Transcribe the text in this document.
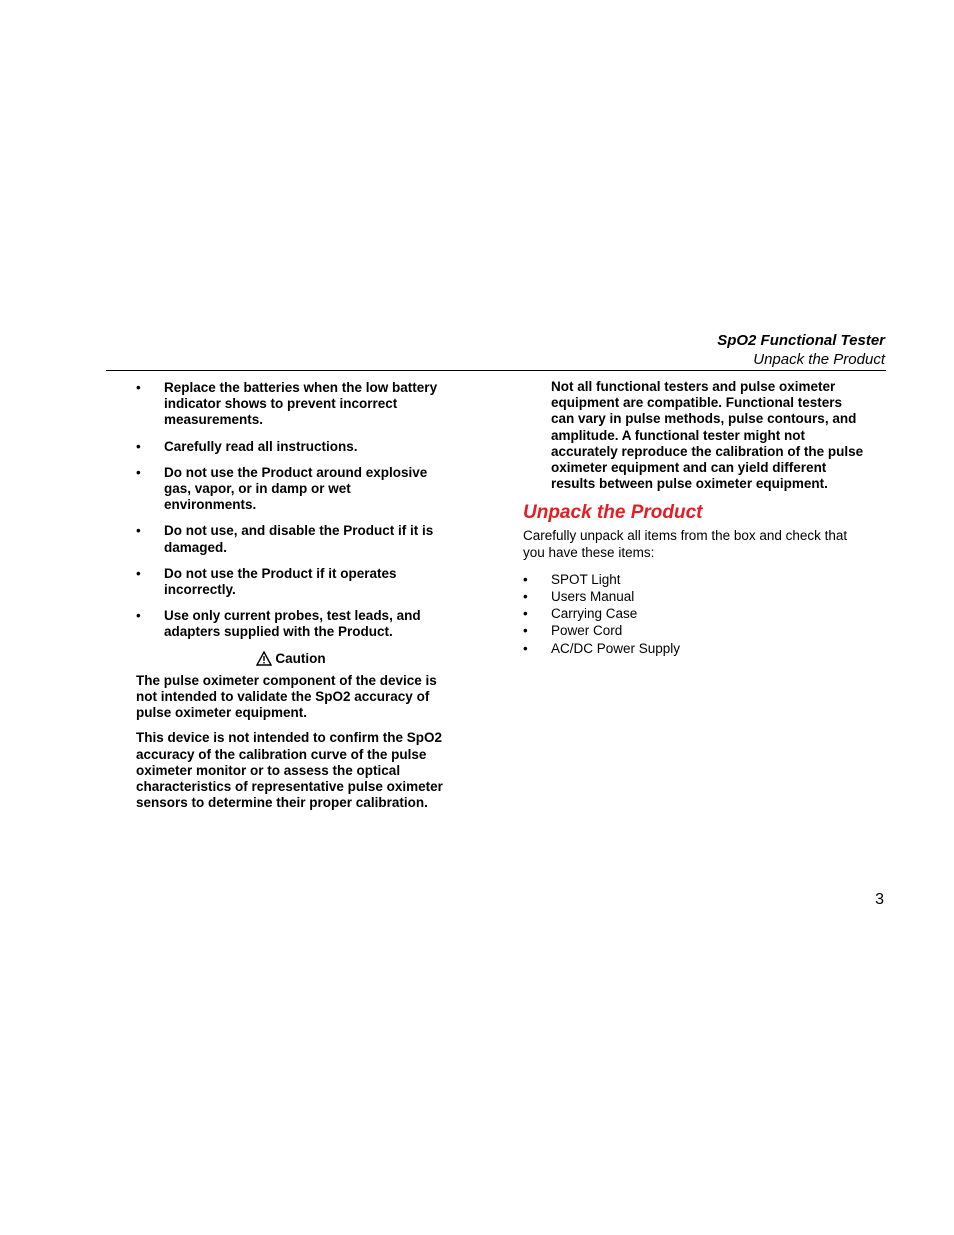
SpO2 Functional Tester
Unpack the Product
• Replace the batteries when the low battery indicator shows to prevent incorrect measurements.
• Carefully read all instructions.
• Do not use the Product around explosive gas, vapor, or in damp or wet environments.
• Do not use, and disable the Product if it is damaged.
• Do not use the Product if it operates incorrectly.
• Use only current probes, test leads, and adapters supplied with the Product.
Caution

The pulse oximeter component of the device is not intended to validate the SpO2 accuracy of pulse oximeter equipment.

This device is not intended to confirm the SpO2 accuracy of the calibration curve of the pulse oximeter monitor or to assess the optical characteristics of representative pulse oximeter sensors to determine their proper calibration.

Not all functional testers and pulse oximeter equipment are compatible. Functional testers can vary in pulse methods, pulse contours, and amplitude. A functional tester might not accurately reproduce the calibration of the pulse oximeter equipment and can yield different results between pulse oximeter equipment.
Unpack the Product

Carefully unpack all items from the box and check that you have these items:

• SPOT Light
• Users Manual
• Carrying Case
• Power Cord
• AC/DC Power Supply
3
